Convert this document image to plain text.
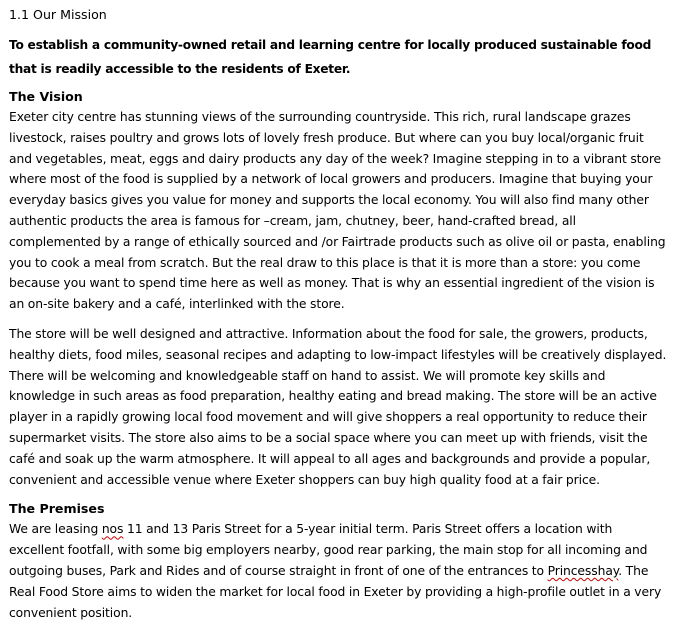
1.1 Our Mission

To establish a community-owned retail and learning centre for locally produced sustainable food that is readily accessible to the residents of Exeter.

The Vision

Exeter city centre has stunning views of the surrounding countryside. This rich, rural landscape grazes livestock, raises poultry and grows lots of lovely fresh produce. But where can you buy local/organic fruit and vegetables, meat, eggs and dairy products any day of the week? Imagine stepping in to a vibrant store where most of the food is supplied by a network of local growers and producers. Imagine that buying your everyday basics gives you value for money and supports the local economy. You will also find many other authentic products the area is famous for –cream, jam, chutney, beer, hand-crafted bread, all complemented by a range of ethically sourced and /or Fairtrade products such as olive oil or pasta, enabling you to cook a meal from scratch. But the real draw to this place is that it is more than a store: you come because you want to spend time here as well as money. That is why an essential ingredient of the vision is an on-site bakery and a café, interlinked with the store.

The store will be well designed and attractive. Information about the food for sale, the growers, products, healthy diets, food miles, seasonal recipes and adapting to low-impact lifestyles will be creatively displayed. There will be welcoming and knowledgeable staff on hand to assist. We will promote key skills and knowledge in such areas as food preparation, healthy eating and bread making. The store will be an active player in a rapidly growing local food movement and will give shoppers a real opportunity to reduce their supermarket visits. The store also aims to be a social space where you can meet up with friends, visit the café and soak up the warm atmosphere. It will appeal to all ages and backgrounds and provide a popular, convenient and accessible venue where Exeter shoppers can buy high quality food at a fair price.

The Premises

We are leasing nos 11 and 13 Paris Street for a 5-year initial term. Paris Street offers a location with excellent footfall, with some big employers nearby, good rear parking, the main stop for all incoming and outgoing buses, Park and Rides and of course straight in front of one of the entrances to Princesshay. The Real Food Store aims to widen the market for local food in Exeter by providing a high-profile outlet in a very convenient position.
